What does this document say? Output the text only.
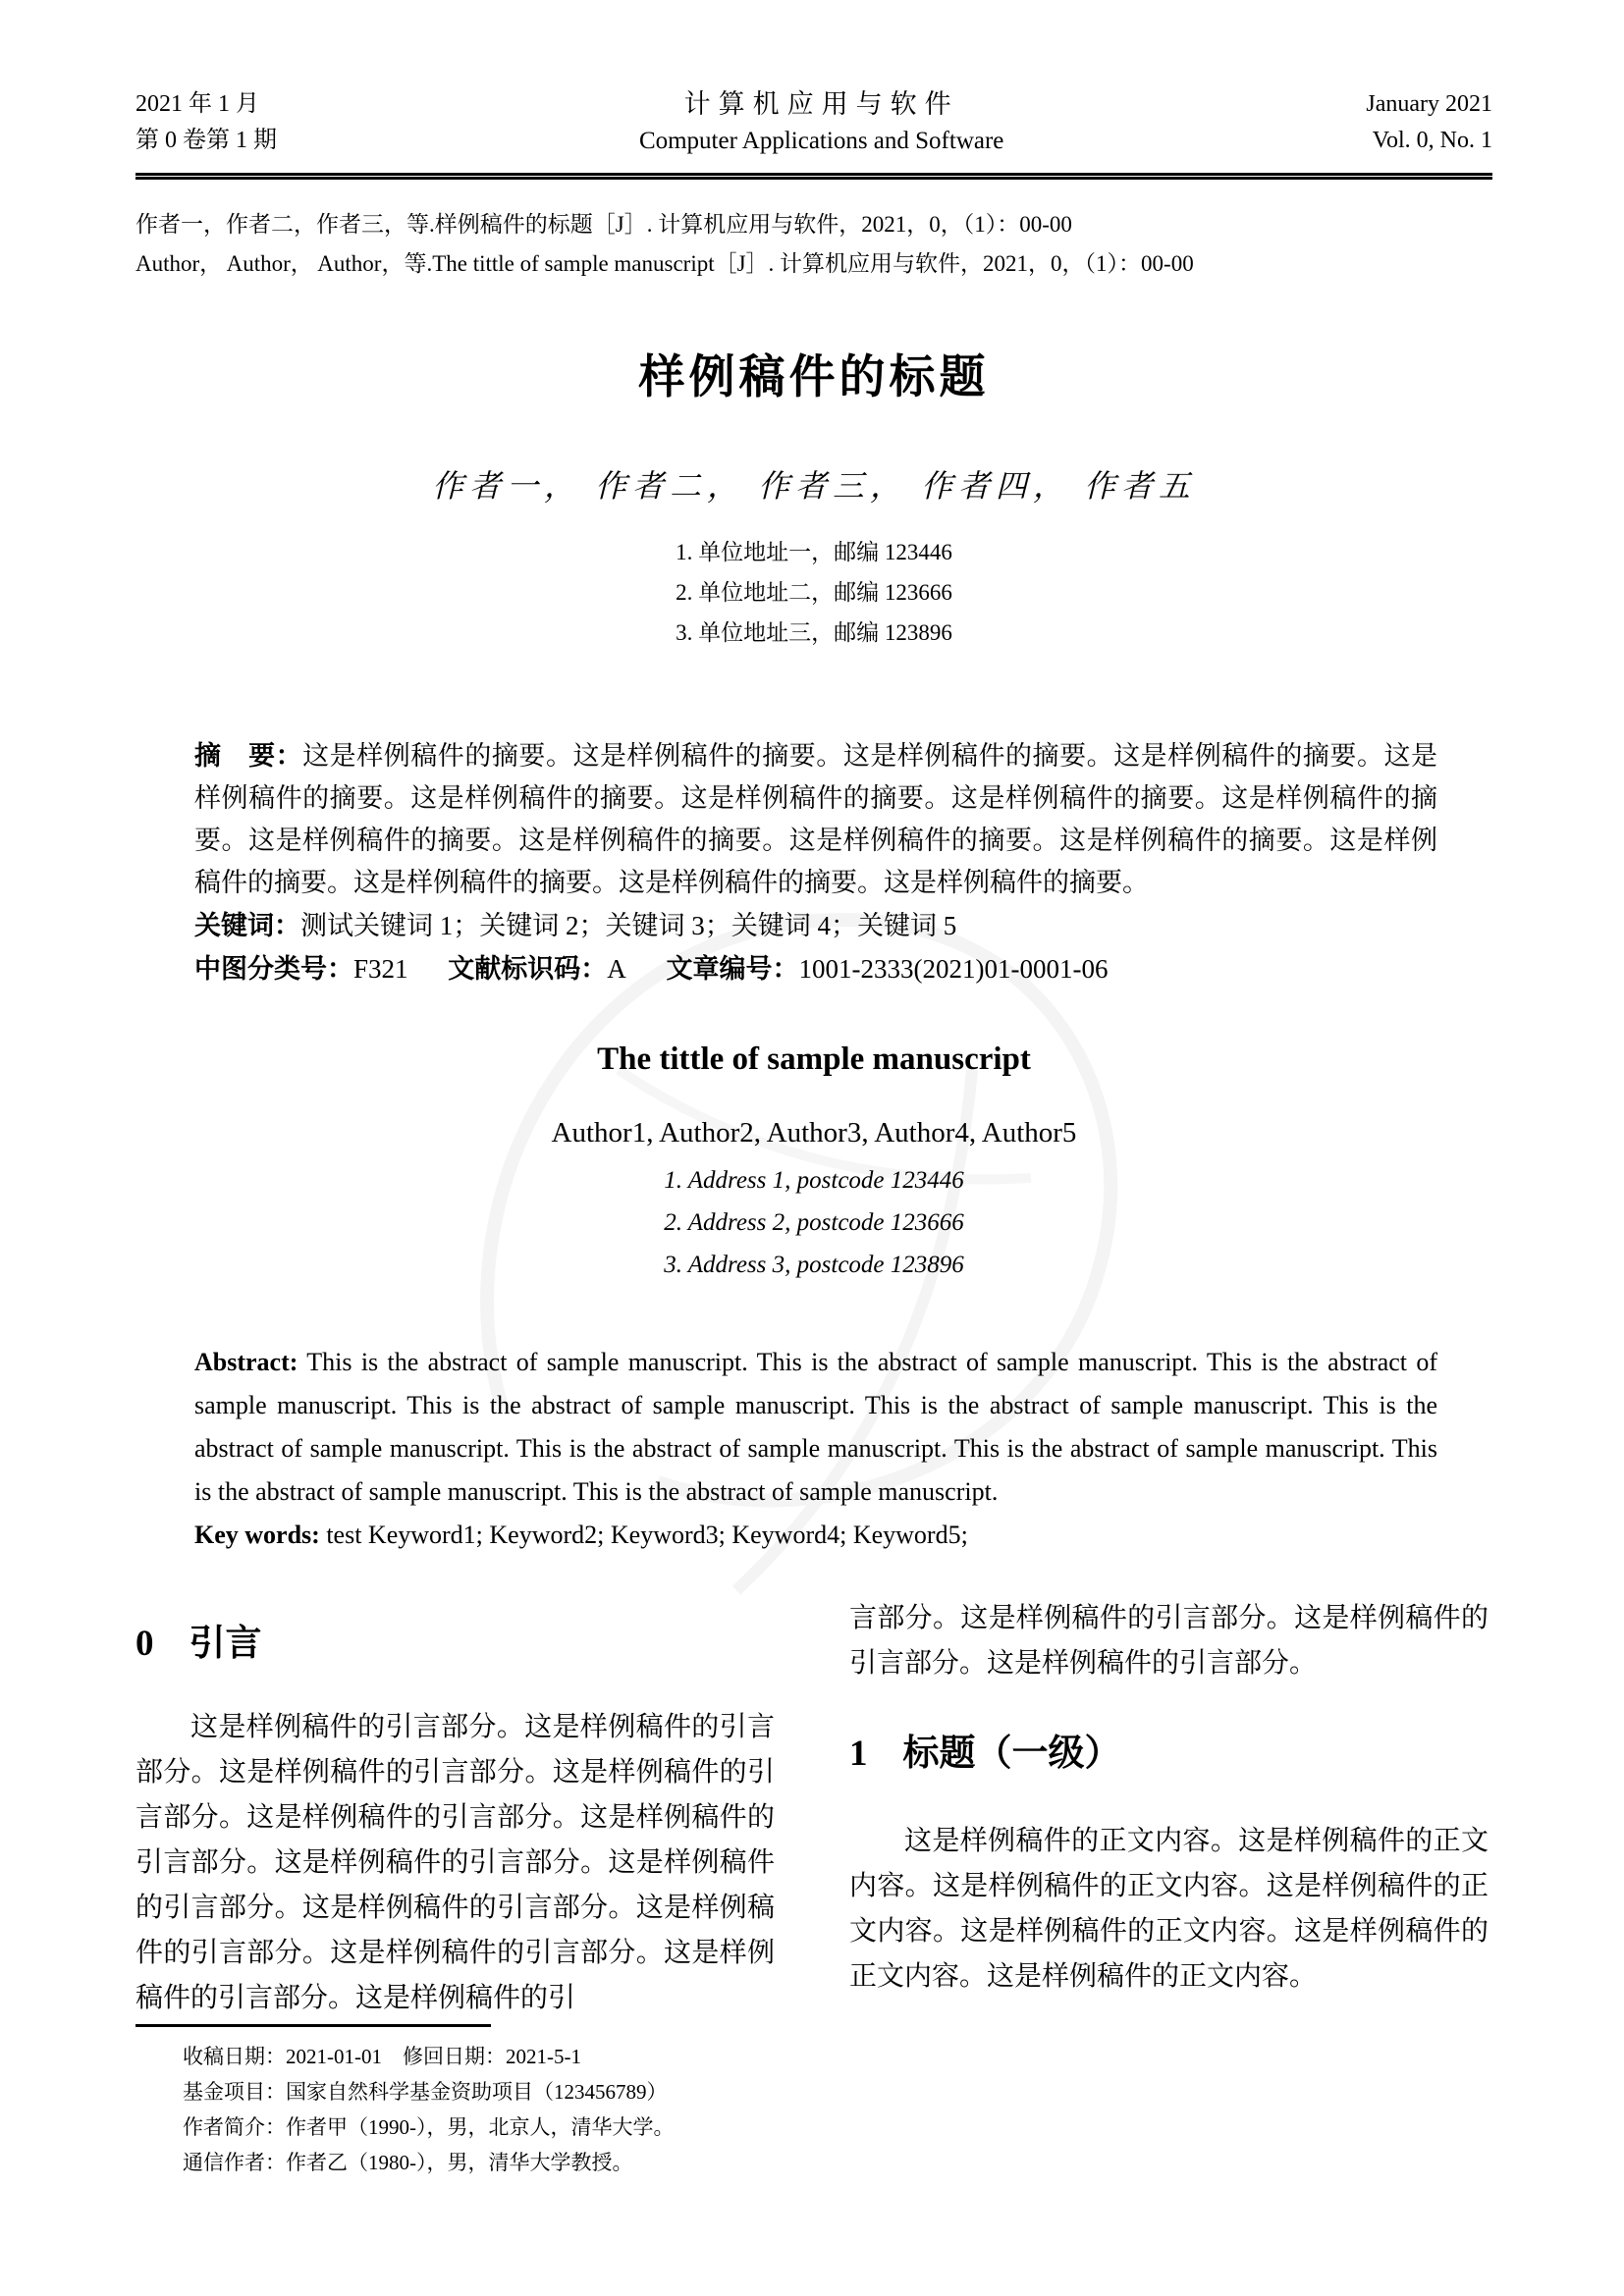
2021 年 1 月
第 0 卷第 1 期
计算机应用与软件
Computer Applications and Software
January 2021
Vol. 0, No. 1
作者一，作者二，作者三，等.样例稿件的标题［J］. 计算机应用与软件，2021，0，（1）：00-00
Author， Author， Author，等.The tittle of sample manuscript［J］. 计算机应用与软件，2021，0，（1）：00-00
样例稿件的标题
作者一， 作者二， 作者三， 作者四， 作者五
1. 单位地址一，邮编 123446
2. 单位地址二，邮编 123666
3. 单位地址三，邮编 123896

摘　要：这是样例稿件的摘要。这是样例稿件的摘要。这是样例稿件的摘要。这是样例稿件的摘要。这是样例稿件的摘要。这是样例稿件的摘要。这是样例稿件的摘要。这是样例稿件的摘要。这是样例稿件的摘要。这是样例稿件的摘要。这是样例稿件的摘要。这是样例稿件的摘要。这是样例稿件的摘要。这是样例稿件的摘要。这是样例稿件的摘要。这是样例稿件的摘要。这是样例稿件的摘要。

关键词：测试关键词 1；关键词 2；关键词 3；关键词 4；关键词 5

中图分类号：F321 文献标识码：A 文章编号：1001-2333(2021)01-0001-06

The tittle of sample manuscript
Author1, Author2, Author3, Author4, Author5
1. Address 1, postcode 123446
2. Address 2, postcode 123666
3. Address 3, postcode 123896

Abstract: This is the abstract of sample manuscript. This is the abstract of sample manuscript. This is the abstract of sample manuscript. This is the abstract of sample manuscript. This is the abstract of sample manuscript. This is the abstract of sample manuscript. This is the abstract of sample manuscript. This is the abstract of sample manuscript. This is the abstract of sample manuscript. This is the abstract of sample manuscript.

Key words: test Keyword1; Keyword2; Keyword3; Keyword4; Keyword5;

0 引言

这是样例稿件的引言部分。这是样例稿件的引言部分。这是样例稿件的引言部分。这是样例稿件的引言部分。这是样例稿件的引言部分。这是样例稿件的引言部分。这是样例稿件的引言部分。这是样例稿件的引言部分。这是样例稿件的引言部分。这是样例稿件的引言部分。这是样例稿件的引言部分。这是样例稿件的引言部分。这是样例稿件的引

言部分。这是样例稿件的引言部分。这是样例稿件的引言部分。这是样例稿件的引言部分。

1 标题（一级）

这是样例稿件的正文内容。这是样例稿件的正文内容。这是样例稿件的正文内容。这是样例稿件的正文内容。这是样例稿件的正文内容。这是样例稿件的正文内容。这是样例稿件的正文内容。

收稿日期：2021-01-01　修回日期：2021-5-1

基金项目：国家自然科学基金资助项目（123456789）

作者简介：作者甲（1990-），男，北京人，清华大学。

通信作者：作者乙（1980-），男，清华大学教授。
